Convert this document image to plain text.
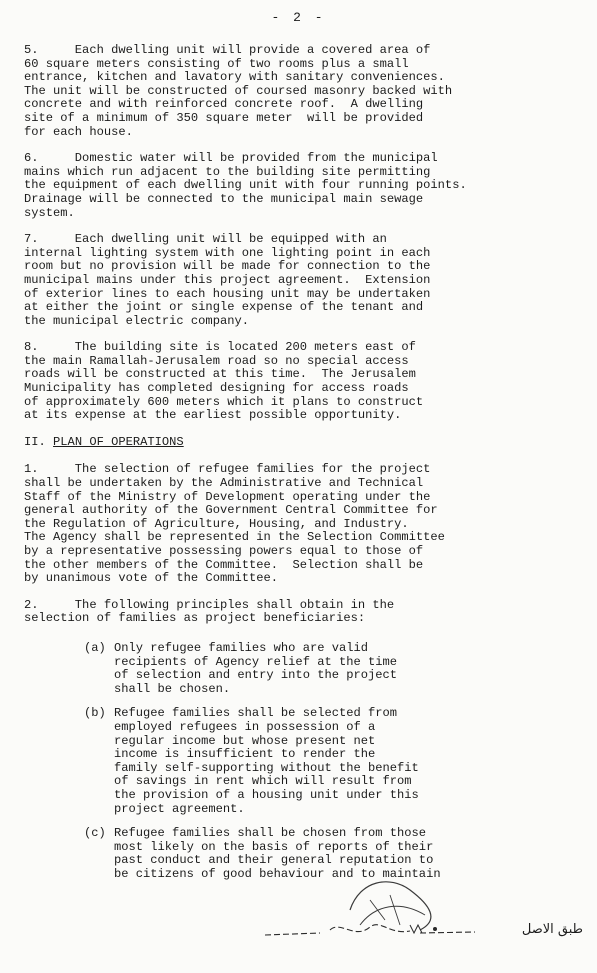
- 2 -
5.     Each dwelling unit will provide a covered area of
60 square meters consisting of two rooms plus a small
entrance, kitchen and lavatory with sanitary conveniences.
The unit will be constructed of coursed masonry backed with
concrete and with reinforced concrete roof.  A dwelling
site of a minimum of 350 square meter  will be provided
for each house.
6.     Domestic water will be provided from the municipal
mains which run adjacent to the building site permitting
the equipment of each dwelling unit with four running points.
Drainage will be connected to the municipal main sewage
system.
7.     Each dwelling unit will be equipped with an
internal lighting system with one lighting point in each
room but no provision will be made for connection to the
municipal mains under this project agreement.  Extension
of exterior lines to each housing unit may be undertaken
at either the joint or single expense of the tenant and
the municipal electric company.
8.     The building site is located 200 meters east of
the main Ramallah-Jerusalem road so no special access
roads will be constructed at this time.  The Jerusalem
Municipality has completed designing for access roads
of approximately 600 meters which it plans to construct
at its expense at the earliest possible opportunity.
II. PLAN OF OPERATIONS
1.     The selection of refugee families for the project
shall be undertaken by the Administrative and Technical
Staff of the Ministry of Development operating under the
general authority of the Government Central Committee for
the Regulation of Agriculture, Housing, and Industry.
The Agency shall be represented in the Selection Committee
by a representative possessing powers equal to those of
the other members of the Committee.  Selection shall be
by unanimous vote of the Committee.
2.     The following principles shall obtain in the
selection of families as project beneficiaries:
(a) Only refugee families who are valid
recipients of Agency relief at the time
of selection and entry into the project
shall be chosen.
(b) Refugee families shall be selected from
employed refugees in possession of a
regular income but whose present net
income is insufficient to render the
family self-supporting without the benefit
of savings in rent which will result from
the provision of a housing unit under this
project agreement.
(c) Refugee families shall be chosen from those
most likely on the basis of reports of their
past conduct and their general reputation to
be citizens of good behaviour and to maintain
طبق الاصل
